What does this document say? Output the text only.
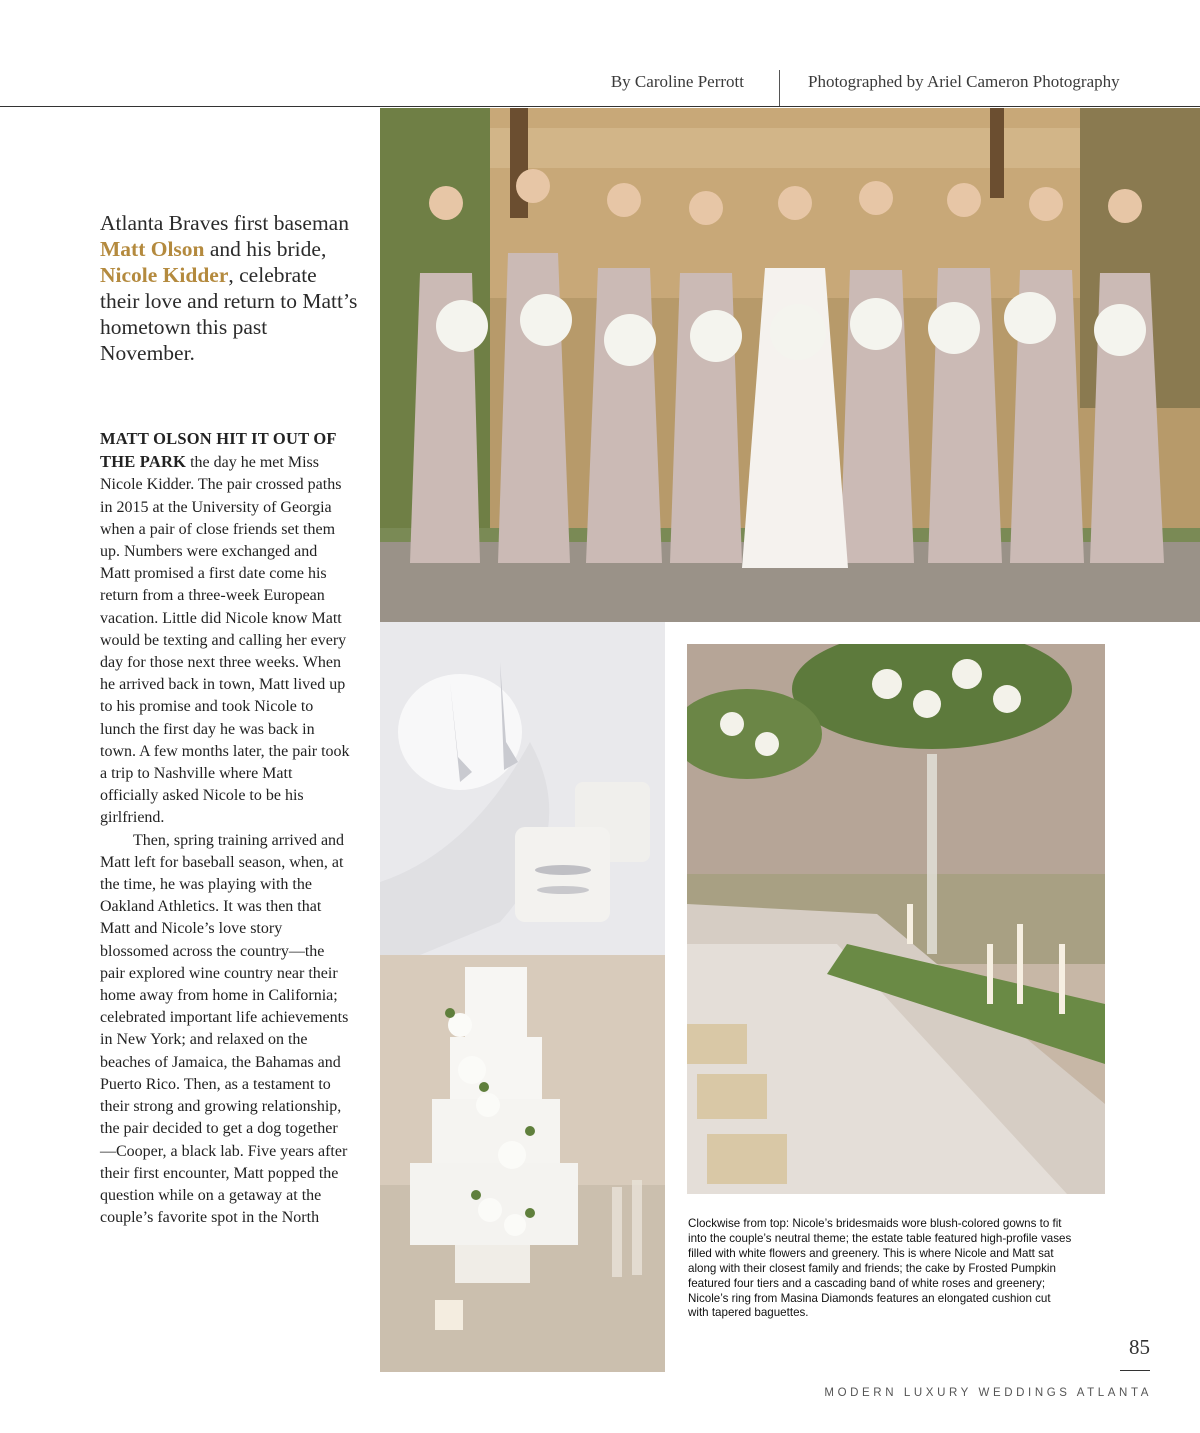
By Caroline Perrott	Photographed by Ariel Cameron Photography
Atlanta Braves first baseman Matt Olson and his bride, Nicole Kidder, celebrate their love and return to Matt’s hometown this past November.

MATT OLSON HIT IT OUT OF THE PARK the day he met Miss Nicole Kidder. The pair crossed paths in 2015 at the University of Georgia when a pair of close friends set them up. Numbers were exchanged and Matt promised a first date come his return from a three-week European vacation. Little did Nicole know Matt would be texting and calling her every day for those next three weeks. When he arrived back in town, Matt lived up to his promise and took Nicole to lunch the first day he was back in town. A few months later, the pair took a trip to Nashville where Matt officially asked Nicole to be his girlfriend.

Then, spring training arrived and Matt left for baseball season, when, at the time, he was playing with the Oakland Athletics. It was then that Matt and Nicole’s love story blossomed across the country—the pair explored wine country near their home away from home in California; celebrated important life achievements in New York; and relaxed on the beaches of Jamaica, the Bahamas and Puerto Rico. Then, as a testament to their strong and growing relationship, the pair decided to get a dog together—Cooper, a black lab. Five years after their first encounter, Matt popped the question while on a getaway at the couple’s favorite spot in the North	Clockwise from top: Nicole’s bridesmaids wore blush-colored gowns to fit into the couple’s neutral theme; the estate table featured high-profile vases filled with white flowers and greenery. This is where Nicole and Matt sat along with their closest family and friends; the cake by Frosted Pumpkin featured four tiers and a cascading band of white roses and greenery; Nicole’s ring from Masina Diamonds features an elongated cushion cut with tapered baguettes.
85
MODERN LUXURY WEDDINGS ATLANTA
